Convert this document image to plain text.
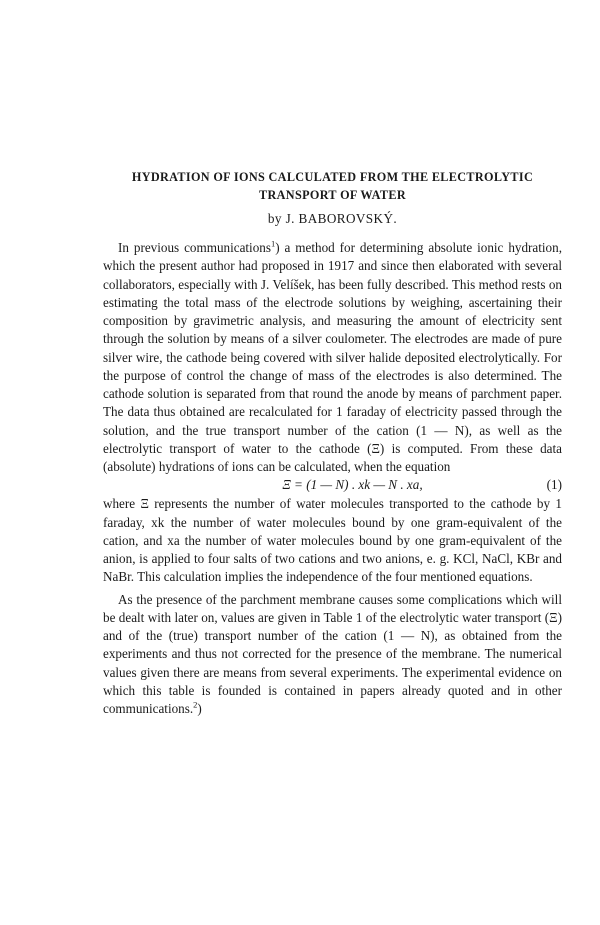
HYDRATION OF IONS CALCULATED FROM THE ELECTROLYTIC
TRANSPORT OF WATER

by J. BABOROVSKÝ.

In previous communications$^1$) a method for determining absolute ionic hydration, which the present author had proposed in 1917 and since then elaborated with several collaborators, especially with J. Velíšek, has been fully described. This method rests on estimating the total mass of the electrode solutions by weighing, ascertaining their composition by gravimetric analysis, and measuring the amount of electricity sent through the solution by means of a silver coulometer. The electrodes are made of pure silver wire, the cathode being covered with silver halide deposited electrolytically. For the purpose of control the change of mass of the electrodes is also determined. The cathode solution is separated from that round the anode by means of parchment paper. The data thus obtained are recalculated for 1 faraday of electricity passed through the solution, and the true transport number of the cation (1 — N), as well as the electrolytic transport of water to the cathode (Ξ) is computed. From these data (absolute) hydrations of ions can be calculated, when the equation

Ξ = (1 — N) . xk — N . xa,	(1)

where Ξ represents the number of water molecules transported to the cathode by 1 faraday, xk the number of water molecules bound by one gram-equivalent of the cation, and xa the number of water molecules bound by one gram-equivalent of the anion, is applied to four salts of two cations and two anions, e. g. KCl, NaCl, KBr and NaBr. This calculation implies the independence of the four mentioned equations.

As the presence of the parchment membrane causes some complications which will be dealt with later on, values are given in Table 1 of the electrolytic water transport (Ξ) and of the (true) transport number of the cation (1 — N), as obtained from the experiments and thus not corrected for the presence of the membrane. The numerical values given there are means from several experiments. The experimental evidence on which this table is founded is contained in papers already quoted and in other communications.$^2$)
